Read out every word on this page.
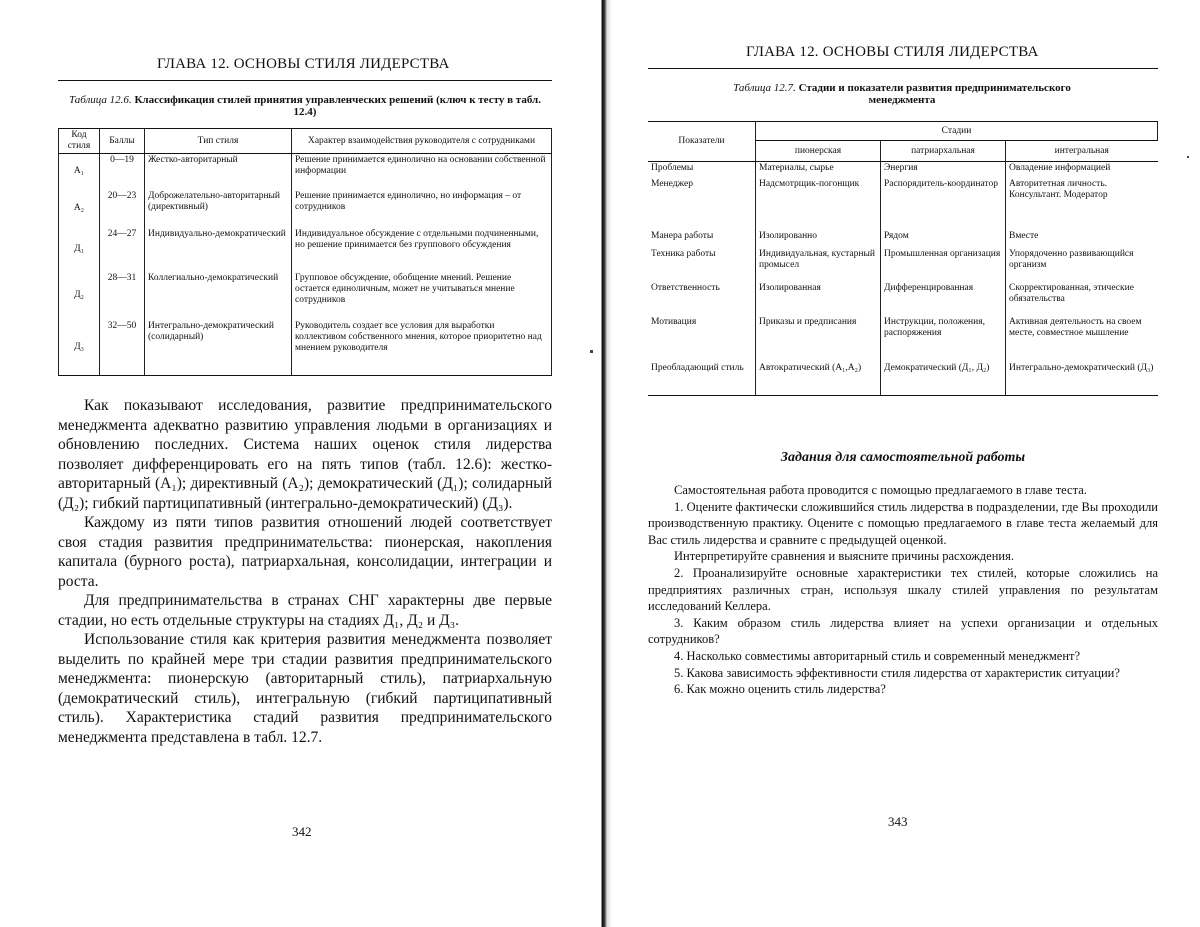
ГЛАВА 12. ОСНОВЫ СТИЛЯ ЛИДЕРСТВА
Таблица 12.6. Классификация стилей принятия управленческих решений (ключ к тесту в табл. 12.4)
Код стиля	Баллы	Тип стиля	Характер взаимодействия руководителя с сотрудниками
А₁	0—19	Жестко-авторитарный	Решение принимается единолично на основании собственной информации
А₂	20—23	Доброжелательно-авторитарный (директивный)	Решение принимается единолично, но информация – от сотрудников
Д₁	24—27	Индивидуально-демократический	Индивидуальное обсуждение с отдельными подчиненными, но решение принимается без группового обсуждения
Д₂	28—31	Коллегиально-демократический	Групповое обсуждение, обобщение мнений. Решение остается единоличным, может не учитываться мнение сотрудников
Д₃	32—50	Интегрально-демократический (солидарный)	Руководитель создает все условия для выработки коллективом собственного мнения, которое приоритетно над мнением руководителя

Как показывают исследования, развитие предпринимательского менеджмента адекватно развитию управления людьми в организациях и обновлению последних. Система наших оценок стиля лидерства позволяет дифференцировать его на пять типов (табл. 12.6): жестко-авторитарный (А₁); директивный (А₂); демократический (Д₁); солидарный (Д₂); гибкий партиципативный (интегрально-демократический) (Д₃).

Каждому из пяти типов развития отношений людей соответствует своя стадия развития предпринимательства: пионерская, накопления капитала (бурного роста), патриархальная, консолидации, интеграции и роста.

Для предпринимательства в странах СНГ характерны две первые стадии, но есть отдельные структуры на стадиях Д₁, Д₂ и Д₃.

Использование стиля как критерия развития менеджмента позволяет выделить по крайней мере три стадии развития предпринимательского менеджмента: пионерскую (авторитарный стиль), патриархальную (демократический стиль), интегральную (гибкий партиципативный стиль). Характеристика стадий развития предпринимательского менеджмента представлена в табл. 12.7.

342
ГЛАВА 12. ОСНОВЫ СТИЛЯ ЛИДЕРСТВА
Таблица 12.7. Стадии и показатели развития предпринимательского менеджмента
Показатели	Стадии		
	пионерская	патриархальная	интегральная
Проблемы	Материалы, сырье	Энергия	Овладение информацией
Менеджер	Надсмотрщик-погонщик	Распорядитель-координатор	Авторитетная личность. Консультант. Модератор
Манера работы	Изолированно	Рядом	Вместе
Техника работы	Индивидуальная, кустарный промысел	Промышленная организация	Упорядоченно развивающийся организм
Ответственность	Изолированная	Дифференцированная	Скорректированная, этические обязательства
Мотивация	Приказы и предписания	Инструкции, положения, распоряжения	Активная деятельность на своем месте, совместное мышление
Преобладающий стиль	Автократический (А₁,А₂)	Демократический (Д₁, Д₂)	Интегрально-демократический (Д₃)
Задания для самостоятельной работы

Самостоятельная работа проводится с помощью предлагаемого в главе теста.

1. Оцените фактически сложившийся стиль лидерства в подразделении, где Вы проходили производственную практику. Оцените с помощью предлагаемого в главе теста желаемый для Вас стиль лидерства и сравните с предыдущей оценкой.

Интерпретируйте сравнения и выясните причины расхождения.

2. Проанализируйте основные характеристики тех стилей, которые сложились на предприятиях различных стран, используя шкалу стилей управления по результатам исследований Келлера.

3. Каким образом стиль лидерства влияет на успехи организации и отдельных сотрудников?

4. Насколько совместимы авторитарный стиль и современный менеджмент?

5. Какова зависимость эффективности стиля лидерства от характеристик ситуации?

6. Как можно оценить стиль лидерства?

343
